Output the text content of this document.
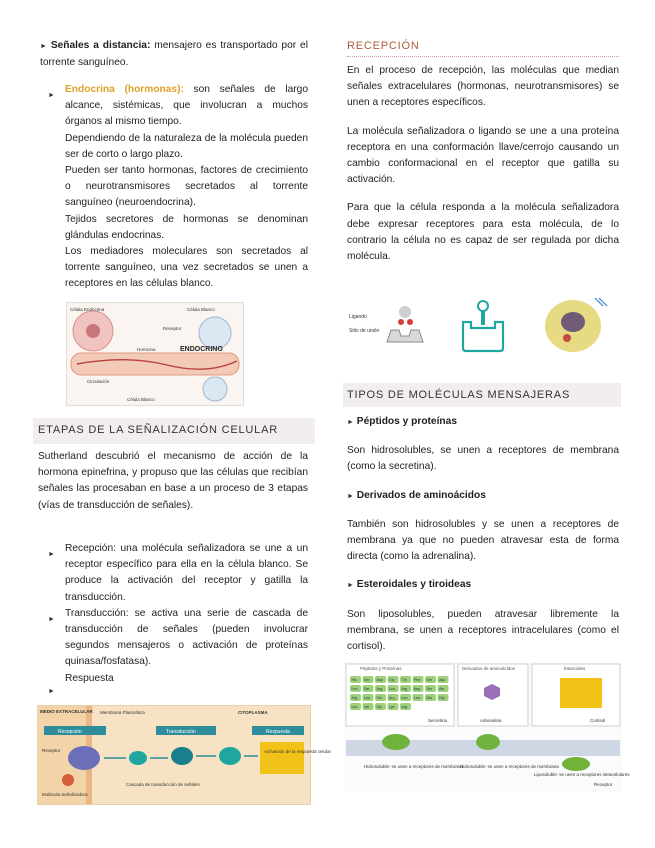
► Señales a distancia: mensajero es transportado por el torrente sanguíneo.

►

Endocrina (hormonas): son señales de largo alcance, sistémicas, que involucran a muchos órganos al mismo tiempo.

Dependiendo de la naturaleza de la molécula pueden ser de corto o largo plazo.

Pueden ser tanto hormonas, factores de crecimiento o neurotransmisores secretados al torrente sanguíneo (neuroendocrina).

Tejidos secretores de hormonas se denominan glándulas endocrinas.

Los mediadores moleculares son secretados al torrente sanguíneo, una vez secretados se unen a receptores en las células blanco.

Célula Endocrina	Célula Blanco
Receptor
Hormona
Circulación
Célula Blanco
ENDOCRINO
ETAPAS DE LA SEÑALIZACIÓN CELULAR

Sutherland descubrió el mecanismo de acción de la hormona epinefrina, y propuso que las células que recibían señales las procesaban en base a un proceso de 3 etapas (vías de transducción de señales).

►
►
►

Recepción: una molécula señalizadora se une a un receptor específico para ella en la célula blanco. Se produce la activación del receptor y gatilla la transducción.

Transducción: se activa una serie de cascada de transducción de señales (pueden involucrar segundos mensajeros o activación de proteínas quinasa/fosfatasa).

Respuesta

MEDIO EXTRACELULAR Membrana Plasmática	CITOPLASMA
Recepción	Transducción	Respuesta
Activación de la respuesta celular
Receptor
Molécula Señalizadora
Cascada de transducción de señales
RECEPCIÓN

En el proceso de recepción, las moléculas que median señales extracelulares (hormonas, neurotransmisores) se unen a receptores específicos.

La molécula señalizadora o ligando se une a una proteína receptora en una conformación llave/cerrojo causando un cambio conformacional en el receptor que gatilla su activación.

Para que la célula responda a la molécula señalizadora debe expresar receptores para esta molécula, de lo contrario la célula no es capaz de ser regulada por dicha molécula.

Ligando
Sitio de unión
TIPOS DE MOLÉCULAS MENSAJERAS

► Péptidos y proteínas

Son hidrosolubles, se unen a receptores de membrana (como la secretina).

► Derivados de aminoácidos

También son hidrosolubles y se unen a receptores de membrana ya que no pueden atravesar esta de forma directa (como la adrenalina).

► Esteroidales y tiroideas

Son liposolubles, pueden atravesar libremente la membrana, se unen a receptores intracelulares (como el cortisol).

Péptidos y Proteínas	Derivados de aminoácidos	Esteroides
His Ser Asp Gly Thr Phe Ser Asp
Leu Ser Arg Leu Arg Asp Ser Ala
Arg Leu Gln Arg Leu Leu Gln Gly
Leu Val Gly Lys Arg
Secretina	Adrenalina	Cortisol
Hidrosoluble: se unen a receptores de membrana
Hidrosoluble: se unen a receptores de membrana
Liposoluble: se unen a receptores intracelulares
Receptor
